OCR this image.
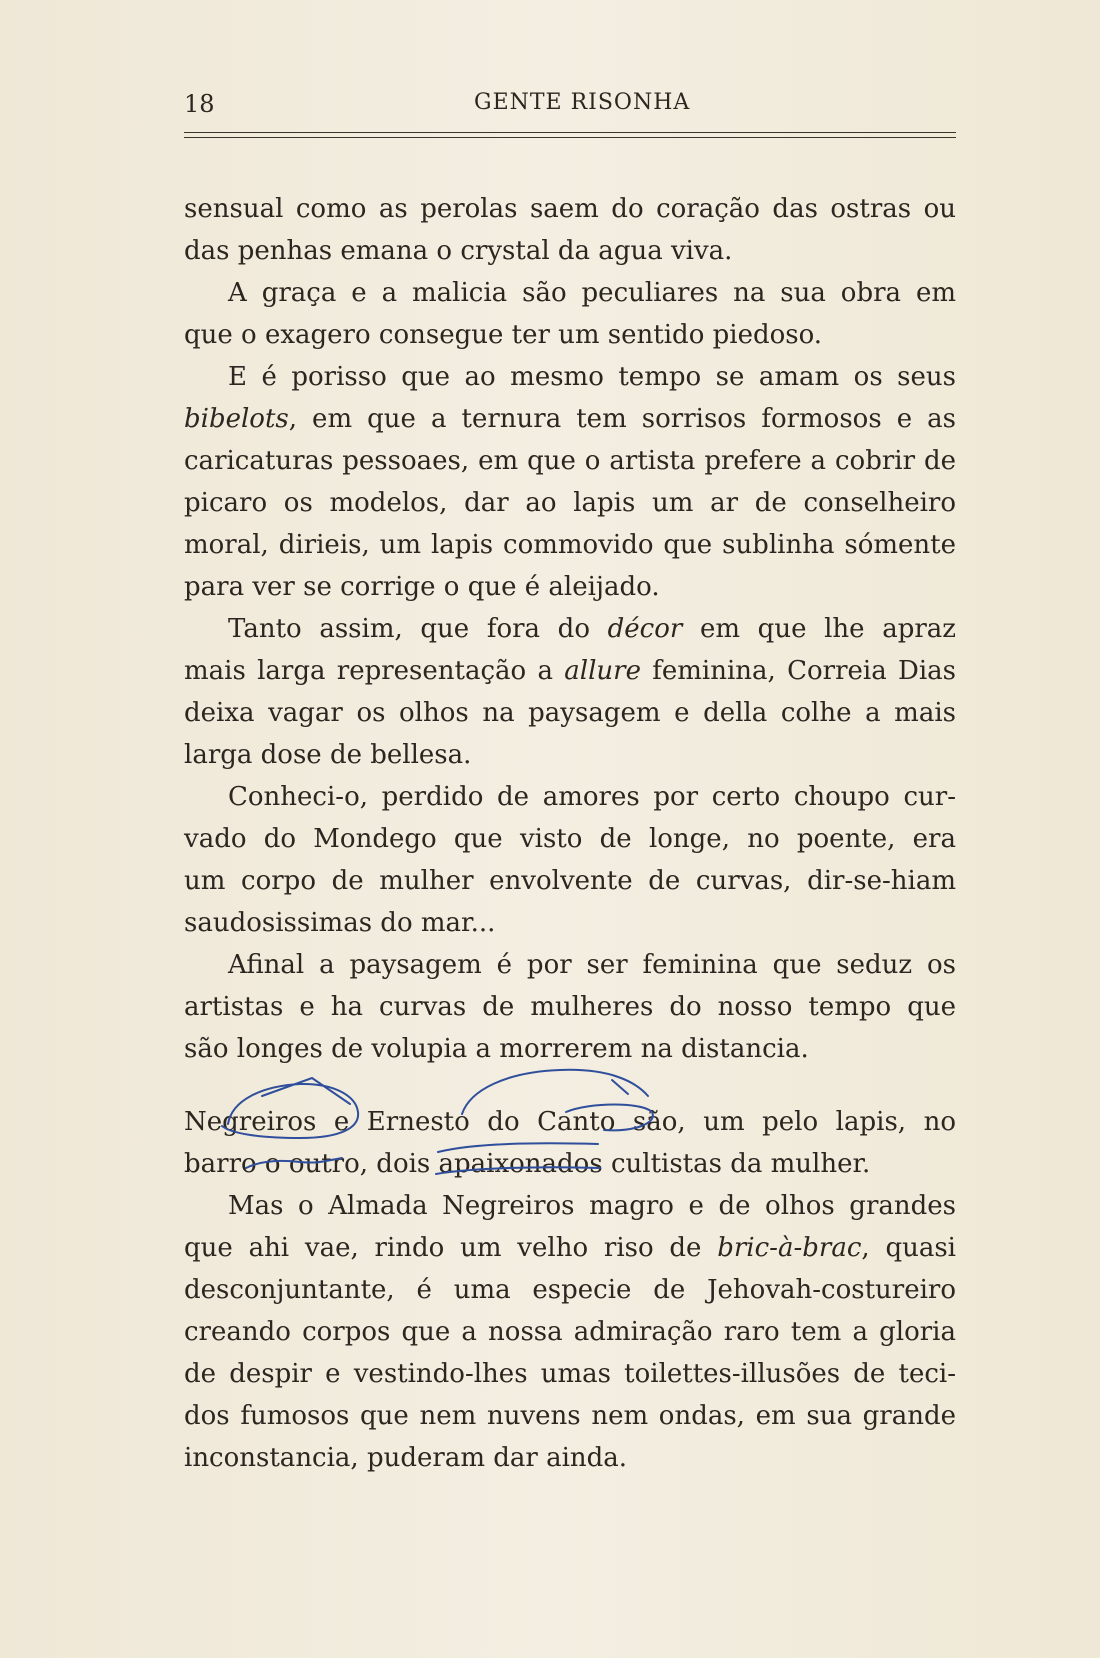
18	GENTE RISONHA
sensual como as perolas saem do coração das ostras ou
das penhas emana o crystal da agua viva.
A graça e a malicia são peculiares na sua obra em
que o exagero consegue ter um sentido piedoso.
E é porisso que ao mesmo tempo se amam os seus
bibelots, em que a ternura tem sorrisos formosos e as
caricaturas pessoaes, em que o artista prefere a cobrir de
picaro os modelos, dar ao lapis um ar de conselheiro
moral, dirieis, um lapis commovido que sublinha sómente
para ver se corrige o que é aleijado.
Tanto assim, que fora do décor em que lhe apraz
mais larga representação a allure feminina, Correia Dias
deixa vagar os olhos na paysagem e della colhe a mais
larga dose de bellesa.
Conheci-o, perdido de amores por certo choupo cur-
vado do Mondego que visto de longe, no poente, era
um corpo de mulher envolvente de curvas, dir-se-hiam
saudosissimas do mar...
Afinal a paysagem é por ser feminina que seduz os
artistas e ha curvas de mulheres do nosso tempo que
são longes de volupia a morrerem na distancia.
Negreiros e Ernesto do Canto são, um pelo lapis, no
barro o outro, dois apaixonados cultistas da mulher.
Mas o Almada Negreiros magro e de olhos grandes
que ahi vae, rindo um velho riso de bric-à-brac, quasi
desconjuntante, é uma especie de Jehovah-costureiro
creando corpos que a nossa admiração raro tem a gloria
de despir e vestindo-lhes umas toilettes-illusões de teci-
dos fumosos que nem nuvens nem ondas, em sua grande
inconstancia, puderam dar ainda.
